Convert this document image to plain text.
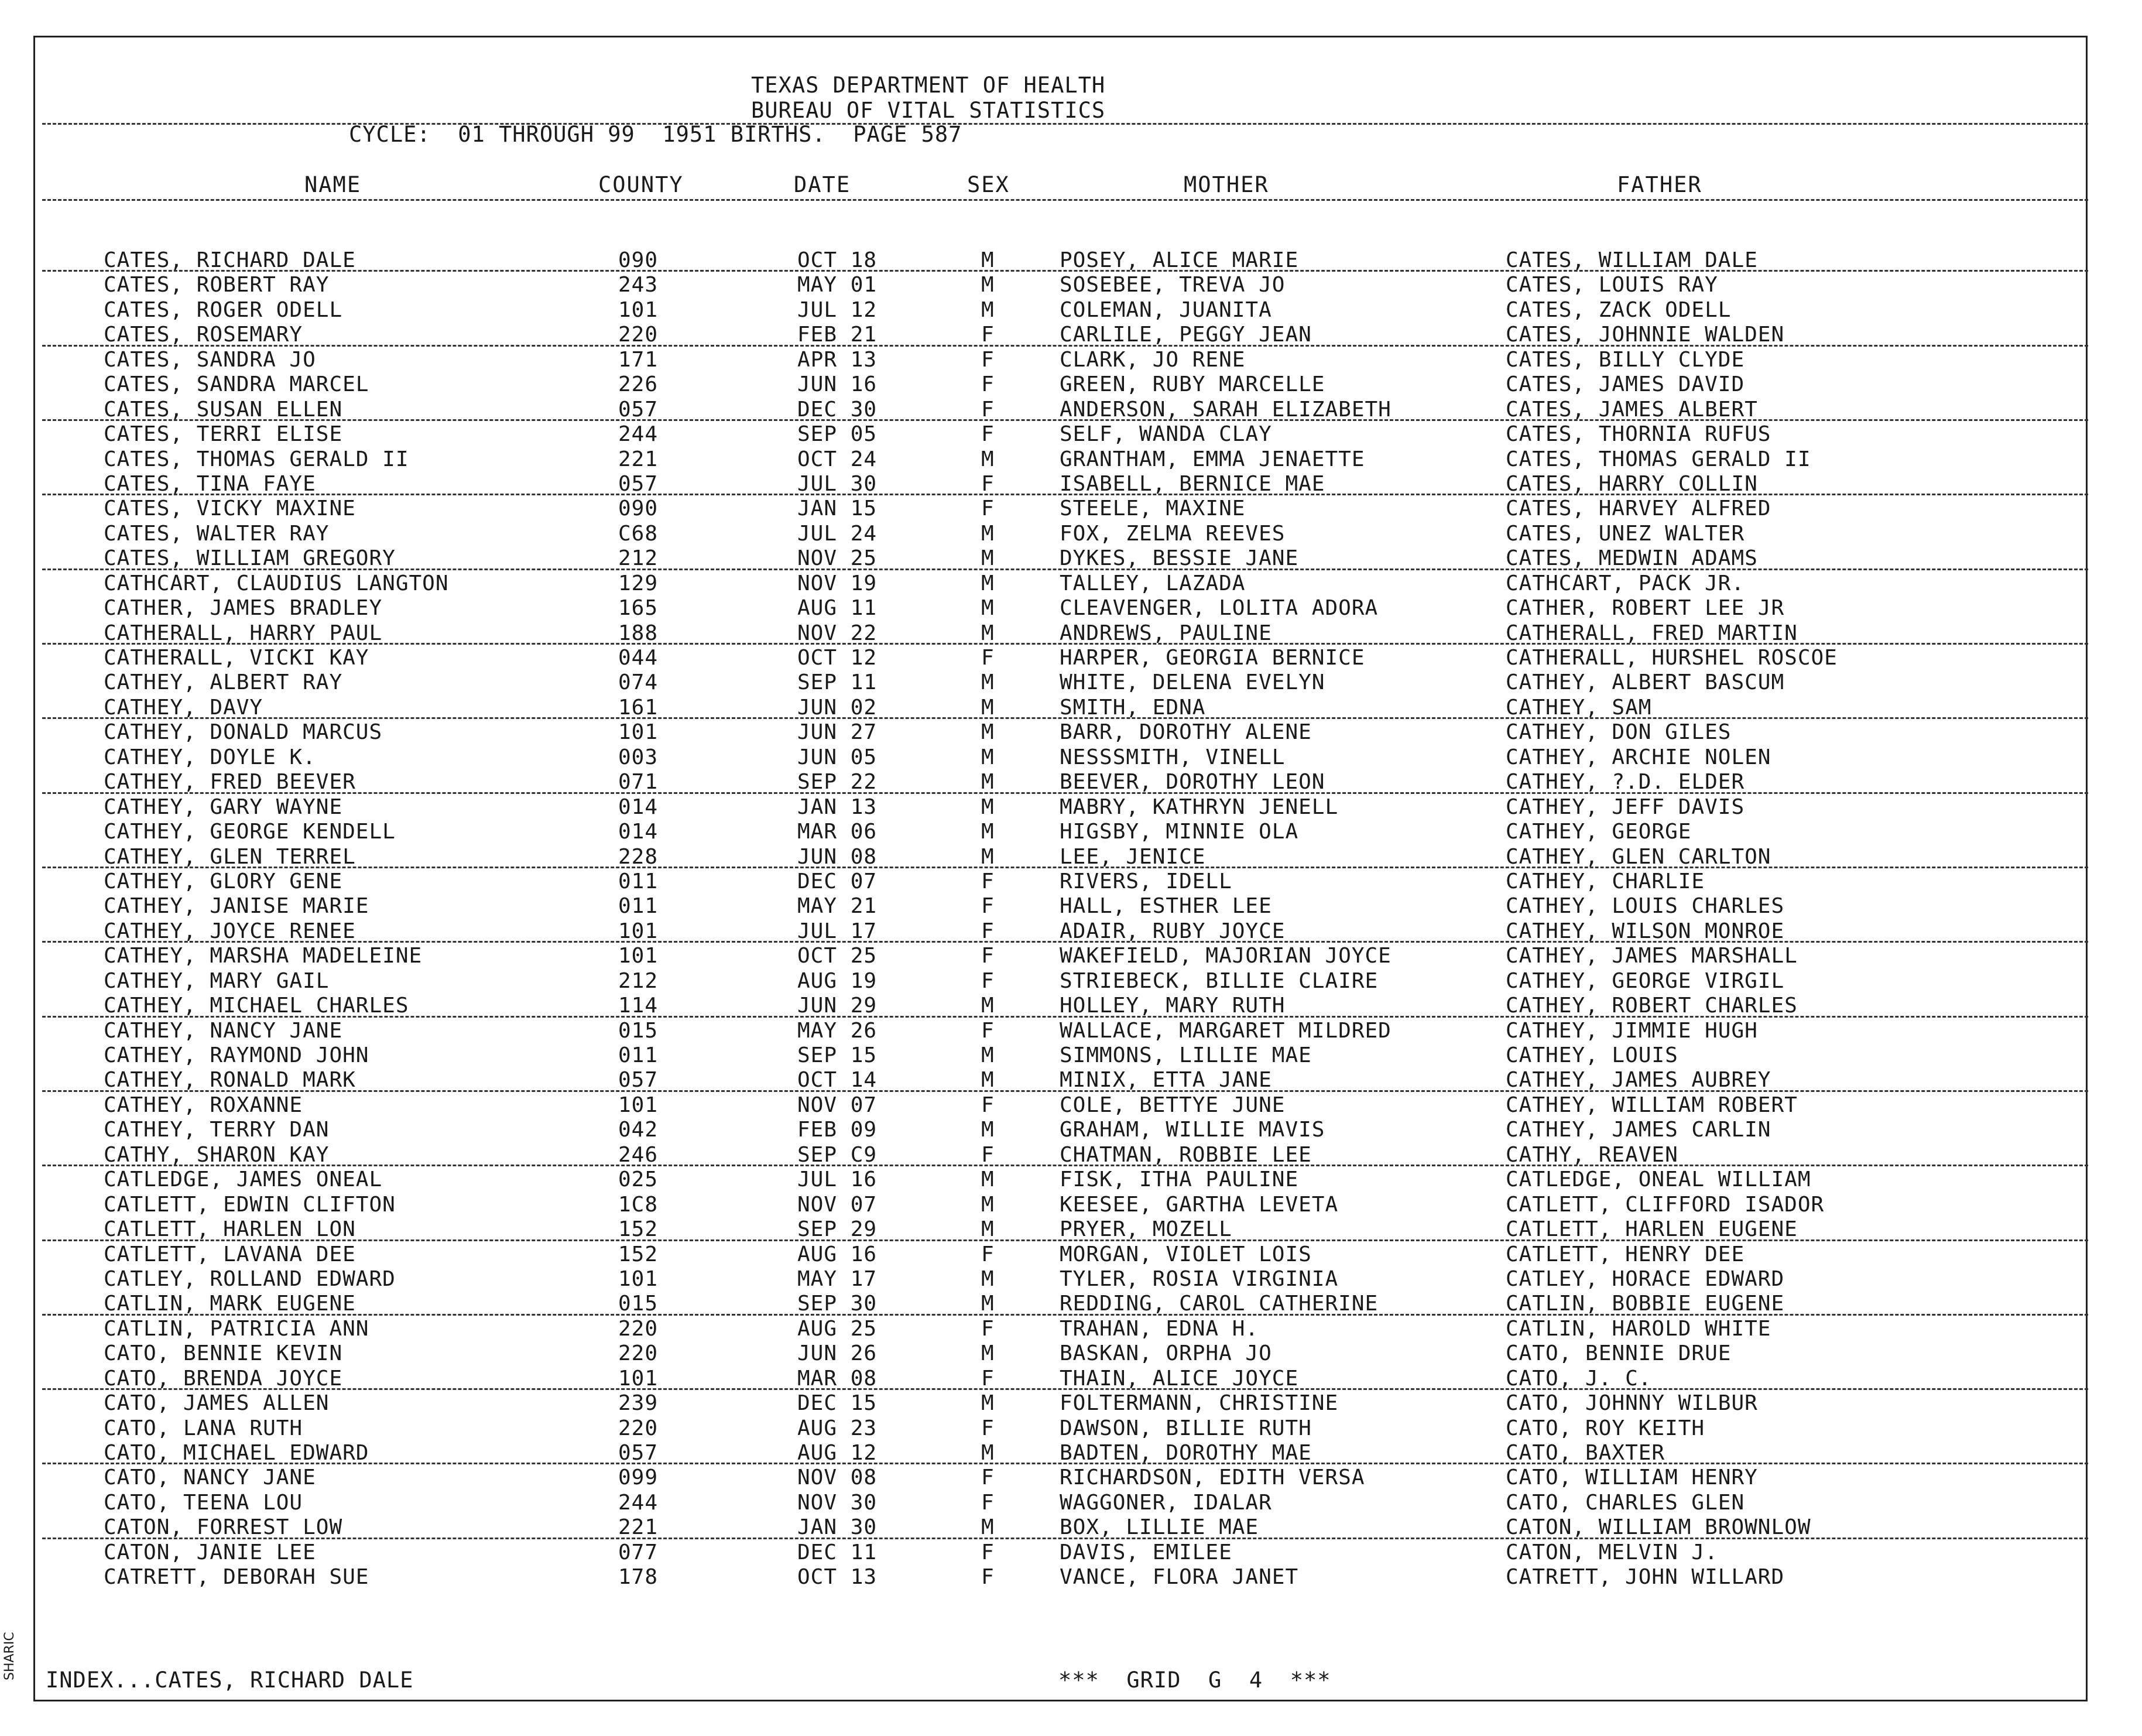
TEXAS DEPARTMENT OF HEALTH
BUREAU OF VITAL STATISTICS
CYCLE:  01 THROUGH 99  1951 BIRTHS.  PAGE 587
NAME	COUNTY	DATE	SEX	MOTHER	FATHER
CATES, RICHARD DALE	090	OCT 18	M	POSEY, ALICE MARIE	CATES, WILLIAM DALE
CATES, ROBERT RAY	243	MAY 01	M	SOSEBEE, TREVA JO	CATES, LOUIS RAY
CATES, ROGER ODELL	101	JUL 12	M	COLEMAN, JUANITA	CATES, ZACK ODELL
CATES, ROSEMARY	220	FEB 21	F	CARLILE, PEGGY JEAN	CATES, JOHNNIE WALDEN
CATES, SANDRA JO	171	APR 13	F	CLARK, JO RENE	CATES, BILLY CLYDE
CATES, SANDRA MARCEL	226	JUN 16	F	GREEN, RUBY MARCELLE	CATES, JAMES DAVID
CATES, SUSAN ELLEN	057	DEC 30	F	ANDERSON, SARAH ELIZABETH	CATES, JAMES ALBERT
CATES, TERRI ELISE	244	SEP 05	F	SELF, WANDA CLAY	CATES, THORNIA RUFUS
CATES, THOMAS GERALD II	221	OCT 24	M	GRANTHAM, EMMA JENAETTE	CATES, THOMAS GERALD II
CATES, TINA FAYE	057	JUL 30	F	ISABELL, BERNICE MAE	CATES, HARRY COLLIN
CATES, VICKY MAXINE	090	JAN 15	F	STEELE, MAXINE	CATES, HARVEY ALFRED
CATES, WALTER RAY	C68	JUL 24	M	FOX, ZELMA REEVES	CATES, UNEZ WALTER
CATES, WILLIAM GREGORY	212	NOV 25	M	DYKES, BESSIE JANE	CATES, MEDWIN ADAMS
CATHCART, CLAUDIUS LANGTON	129	NOV 19	M	TALLEY, LAZADA	CATHCART, PACK JR.
CATHER, JAMES BRADLEY	165	AUG 11	M	CLEAVENGER, LOLITA ADORA	CATHER, ROBERT LEE JR
CATHERALL, HARRY PAUL	188	NOV 22	M	ANDREWS, PAULINE	CATHERALL, FRED MARTIN
CATHERALL, VICKI KAY	044	OCT 12	F	HARPER, GEORGIA BERNICE	CATHERALL, HURSHEL ROSCOE
CATHEY, ALBERT RAY	074	SEP 11	M	WHITE, DELENA EVELYN	CATHEY, ALBERT BASCUM
CATHEY, DAVY	161	JUN 02	M	SMITH, EDNA	CATHEY, SAM
CATHEY, DONALD MARCUS	101	JUN 27	M	BARR, DOROTHY ALENE	CATHEY, DON GILES
CATHEY, DOYLE K.	003	JUN 05	M	NESSSMITH, VINELL	CATHEY, ARCHIE NOLEN
CATHEY, FRED BEEVER	071	SEP 22	M	BEEVER, DOROTHY LEON	CATHEY, ?.D. ELDER
CATHEY, GARY WAYNE	014	JAN 13	M	MABRY, KATHRYN JENELL	CATHEY, JEFF DAVIS
CATHEY, GEORGE KENDELL	014	MAR 06	M	HIGSBY, MINNIE OLA	CATHEY, GEORGE
CATHEY, GLEN TERREL	228	JUN 08	M	LEE, JENICE	CATHEY, GLEN CARLTON
CATHEY, GLORY GENE	011	DEC 07	F	RIVERS, IDELL	CATHEY, CHARLIE
CATHEY, JANISE MARIE	011	MAY 21	F	HALL, ESTHER LEE	CATHEY, LOUIS CHARLES
CATHEY, JOYCE RENEE	101	JUL 17	F	ADAIR, RUBY JOYCE	CATHEY, WILSON MONROE
CATHEY, MARSHA MADELEINE	101	OCT 25	F	WAKEFIELD, MAJORIAN JOYCE	CATHEY, JAMES MARSHALL
CATHEY, MARY GAIL	212	AUG 19	F	STRIEBECK, BILLIE CLAIRE	CATHEY, GEORGE VIRGIL
CATHEY, MICHAEL CHARLES	114	JUN 29	M	HOLLEY, MARY RUTH	CATHEY, ROBERT CHARLES
CATHEY, NANCY JANE	015	MAY 26	F	WALLACE, MARGARET MILDRED	CATHEY, JIMMIE HUGH
CATHEY, RAYMOND JOHN	011	SEP 15	M	SIMMONS, LILLIE MAE	CATHEY, LOUIS
CATHEY, RONALD MARK	057	OCT 14	M	MINIX, ETTA JANE	CATHEY, JAMES AUBREY
CATHEY, ROXANNE	101	NOV 07	F	COLE, BETTYE JUNE	CATHEY, WILLIAM ROBERT
CATHEY, TERRY DAN	042	FEB 09	M	GRAHAM, WILLIE MAVIS	CATHEY, JAMES CARLIN
CATHY, SHARON KAY	246	SEP C9	F	CHATMAN, ROBBIE LEE	CATHY, REAVEN
CATLEDGE, JAMES ONEAL	025	JUL 16	M	FISK, ITHA PAULINE	CATLEDGE, ONEAL WILLIAM
CATLETT, EDWIN CLIFTON	1C8	NOV 07	M	KEESEE, GARTHA LEVETA	CATLETT, CLIFFORD ISADOR
CATLETT, HARLEN LON	152	SEP 29	M	PRYER, MOZELL	CATLETT, HARLEN EUGENE
CATLETT, LAVANA DEE	152	AUG 16	F	MORGAN, VIOLET LOIS	CATLETT, HENRY DEE
CATLEY, ROLLAND EDWARD	101	MAY 17	M	TYLER, ROSIA VIRGINIA	CATLEY, HORACE EDWARD
CATLIN, MARK EUGENE	015	SEP 30	M	REDDING, CAROL CATHERINE	CATLIN, BOBBIE EUGENE
CATLIN, PATRICIA ANN	220	AUG 25	F	TRAHAN, EDNA H.	CATLIN, HAROLD WHITE
CATO, BENNIE KEVIN	220	JUN 26	M	BASKAN, ORPHA JO	CATO, BENNIE DRUE
CATO, BRENDA JOYCE	101	MAR 08	F	THAIN, ALICE JOYCE	CATO, J. C.
CATO, JAMES ALLEN	239	DEC 15	M	FOLTERMANN, CHRISTINE	CATO, JOHNNY WILBUR
CATO, LANA RUTH	220	AUG 23	F	DAWSON, BILLIE RUTH	CATO, ROY KEITH
CATO, MICHAEL EDWARD	057	AUG 12	M	BADTEN, DOROTHY MAE	CATO, BAXTER
CATO, NANCY JANE	099	NOV 08	F	RICHARDSON, EDITH VERSA	CATO, WILLIAM HENRY
CATO, TEENA LOU	244	NOV 30	F	WAGGONER, IDALAR	CATO, CHARLES GLEN
CATON, FORREST LOW	221	JAN 30	M	BOX, LILLIE MAE	CATON, WILLIAM BROWNLOW
CATON, JANIE LEE	077	DEC 11	F	DAVIS, EMILEE	CATON, MELVIN J.
CATRETT, DEBORAH SUE	178	OCT 13	F	VANCE, FLORA JANET	CATRETT, JOHN WILLARD
INDEX...CATES, RICHARD DALE	***  GRID  G  4  ***
SHARIC
